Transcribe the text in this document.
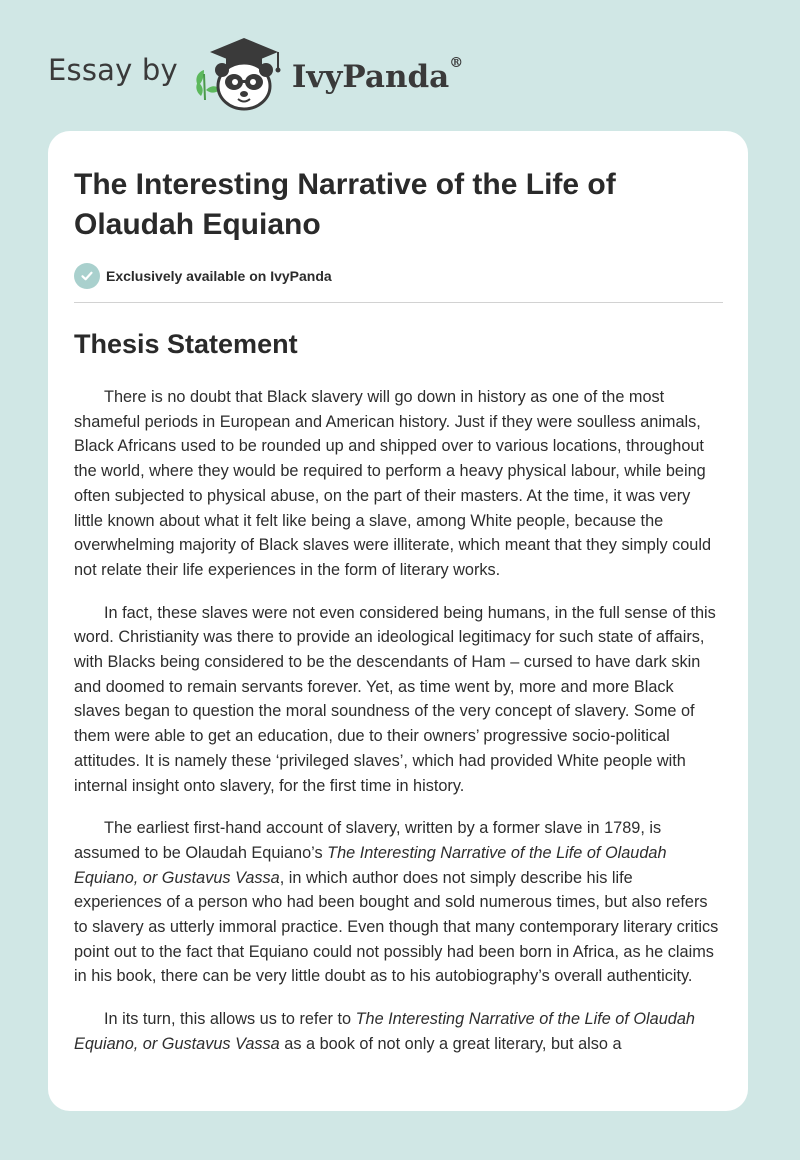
Essay by	IvyPanda®
The Interesting Narrative of the Life of Olaudah Equiano
Exclusively available on IvyPanda
Thesis Statement

There is no doubt that Black slavery will go down in history as one of the most shameful periods in European and American history. Just if they were soulless animals, Black Africans used to be rounded up and shipped over to various locations, throughout the world, where they would be required to perform a heavy physical labour, while being often subjected to physical abuse, on the part of their masters. At the time, it was very little known about what it felt like being a slave, among White people, because the overwhelming majority of Black slaves were illiterate, which meant that they simply could not relate their life experiences in the form of literary works.

In fact, these slaves were not even considered being humans, in the full sense of this word. Christianity was there to provide an ideological legitimacy for such state of affairs, with Blacks being considered to be the descendants of Ham – cursed to have dark skin and doomed to remain servants forever. Yet, as time went by, more and more Black slaves began to question the moral soundness of the very concept of slavery. Some of them were able to get an education, due to their owners’ progressive socio-political attitudes. It is namely these ‘privileged slaves’, which had provided White people with internal insight onto slavery, for the first time in history.

The earliest first-hand account of slavery, written by a former slave in 1789, is assumed to be Olaudah Equiano’s The Interesting Narrative of the Life of Olaudah Equiano, or Gustavus Vassa, in which author does not simply describe his life experiences of a person who had been bought and sold numerous times, but also refers to slavery as utterly immoral practice. Even though that many contemporary literary critics point out to the fact that Equiano could not possibly had been born in Africa, as he claims in his book, there can be very little doubt as to his autobiography’s overall authenticity.

In its turn, this allows us to refer to The Interesting Narrative of the Life of Olaudah Equiano, or Gustavus Vassa as a book of not only a great literary, but also a
